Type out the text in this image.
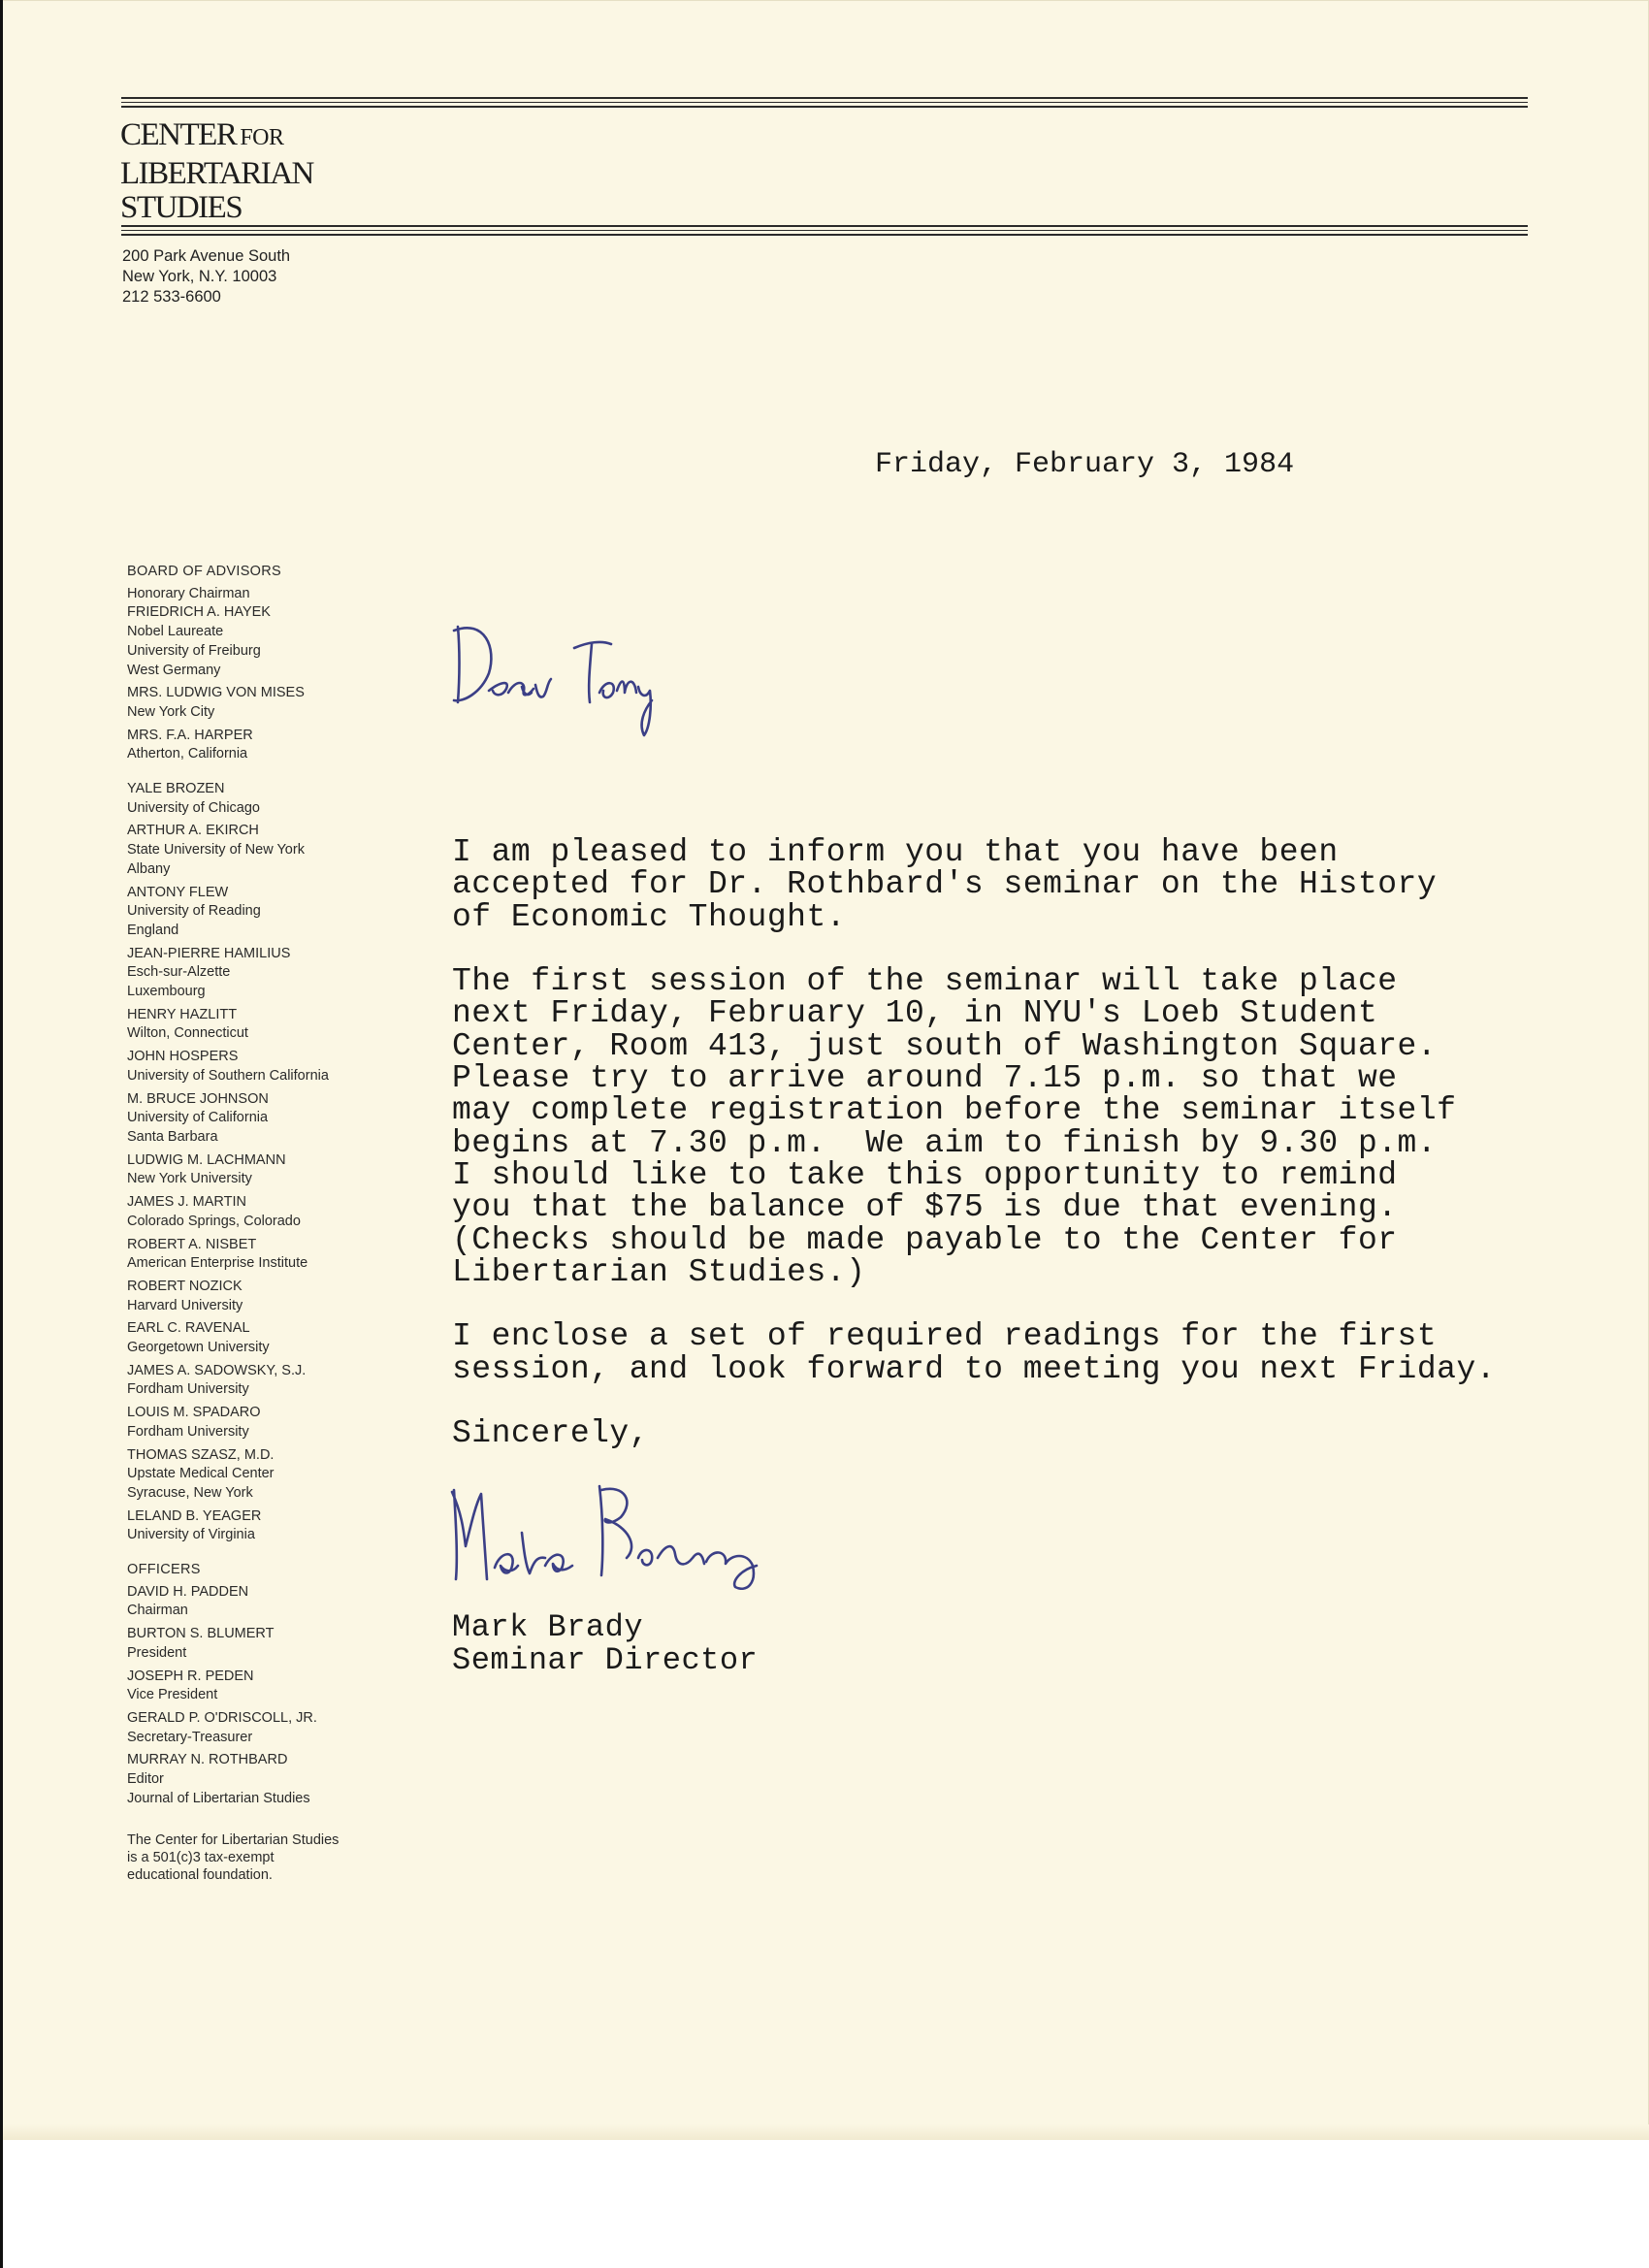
CENTER FOR
LIBERTARIAN
STUDIES
200 Park Avenue South
New York, N.Y. 10003
212 533-6600
Friday, February 3, 1984
BOARD OF ADVISORS
Honorary Chairman
FRIEDRICH A. HAYEK
Nobel Laureate
University of Freiburg
West Germany
MRS. LUDWIG VON MISES
New York City
MRS. F.A. HARPER
Atherton, California
YALE BROZEN
University of Chicago
ARTHUR A. EKIRCH
State University of New York
Albany
ANTONY FLEW
University of Reading
England
JEAN-PIERRE HAMILIUS
Esch-sur-Alzette
Luxembourg
HENRY HAZLITT
Wilton, Connecticut
JOHN HOSPERS
University of Southern California
M. BRUCE JOHNSON
University of California
Santa Barbara
LUDWIG M. LACHMANN
New York University
JAMES J. MARTIN
Colorado Springs, Colorado
ROBERT A. NISBET
American Enterprise Institute
ROBERT NOZICK
Harvard University
EARL C. RAVENAL
Georgetown University
JAMES A. SADOWSKY, S.J.
Fordham University
LOUIS M. SPADARO
Fordham University
THOMAS SZASZ, M.D.
Upstate Medical Center
Syracuse, New York
LELAND B. YEAGER
University of Virginia
OFFICERS
DAVID H. PADDEN
Chairman
BURTON S. BLUMERT
President
JOSEPH R. PEDEN
Vice President
GERALD P. O'DRISCOLL, JR.
Secretary-Treasurer
MURRAY N. ROTHBARD
Editor
Journal of Libertarian Studies
The Center for Libertarian Studies
is a 501(c)3 tax-exempt
educational foundation.
I am pleased to inform you that you have been
accepted for Dr. Rothbard's seminar on the History
of Economic Thought.
The first session of the seminar will take place
next Friday, February 10, in NYU's Loeb Student
Center, Room 413, just south of Washington Square.
Please try to arrive around 7.15 p.m. so that we
may complete registration before the seminar itself
begins at 7.30 p.m.  We aim to finish by 9.30 p.m.
I should like to take this opportunity to remind
you that the balance of $75 is due that evening.
(Checks should be made payable to the Center for
Libertarian Studies.)
I enclose a set of required readings for the first
session, and look forward to meeting you next Friday.
Sincerely,
Mark Brady
Seminar Director
